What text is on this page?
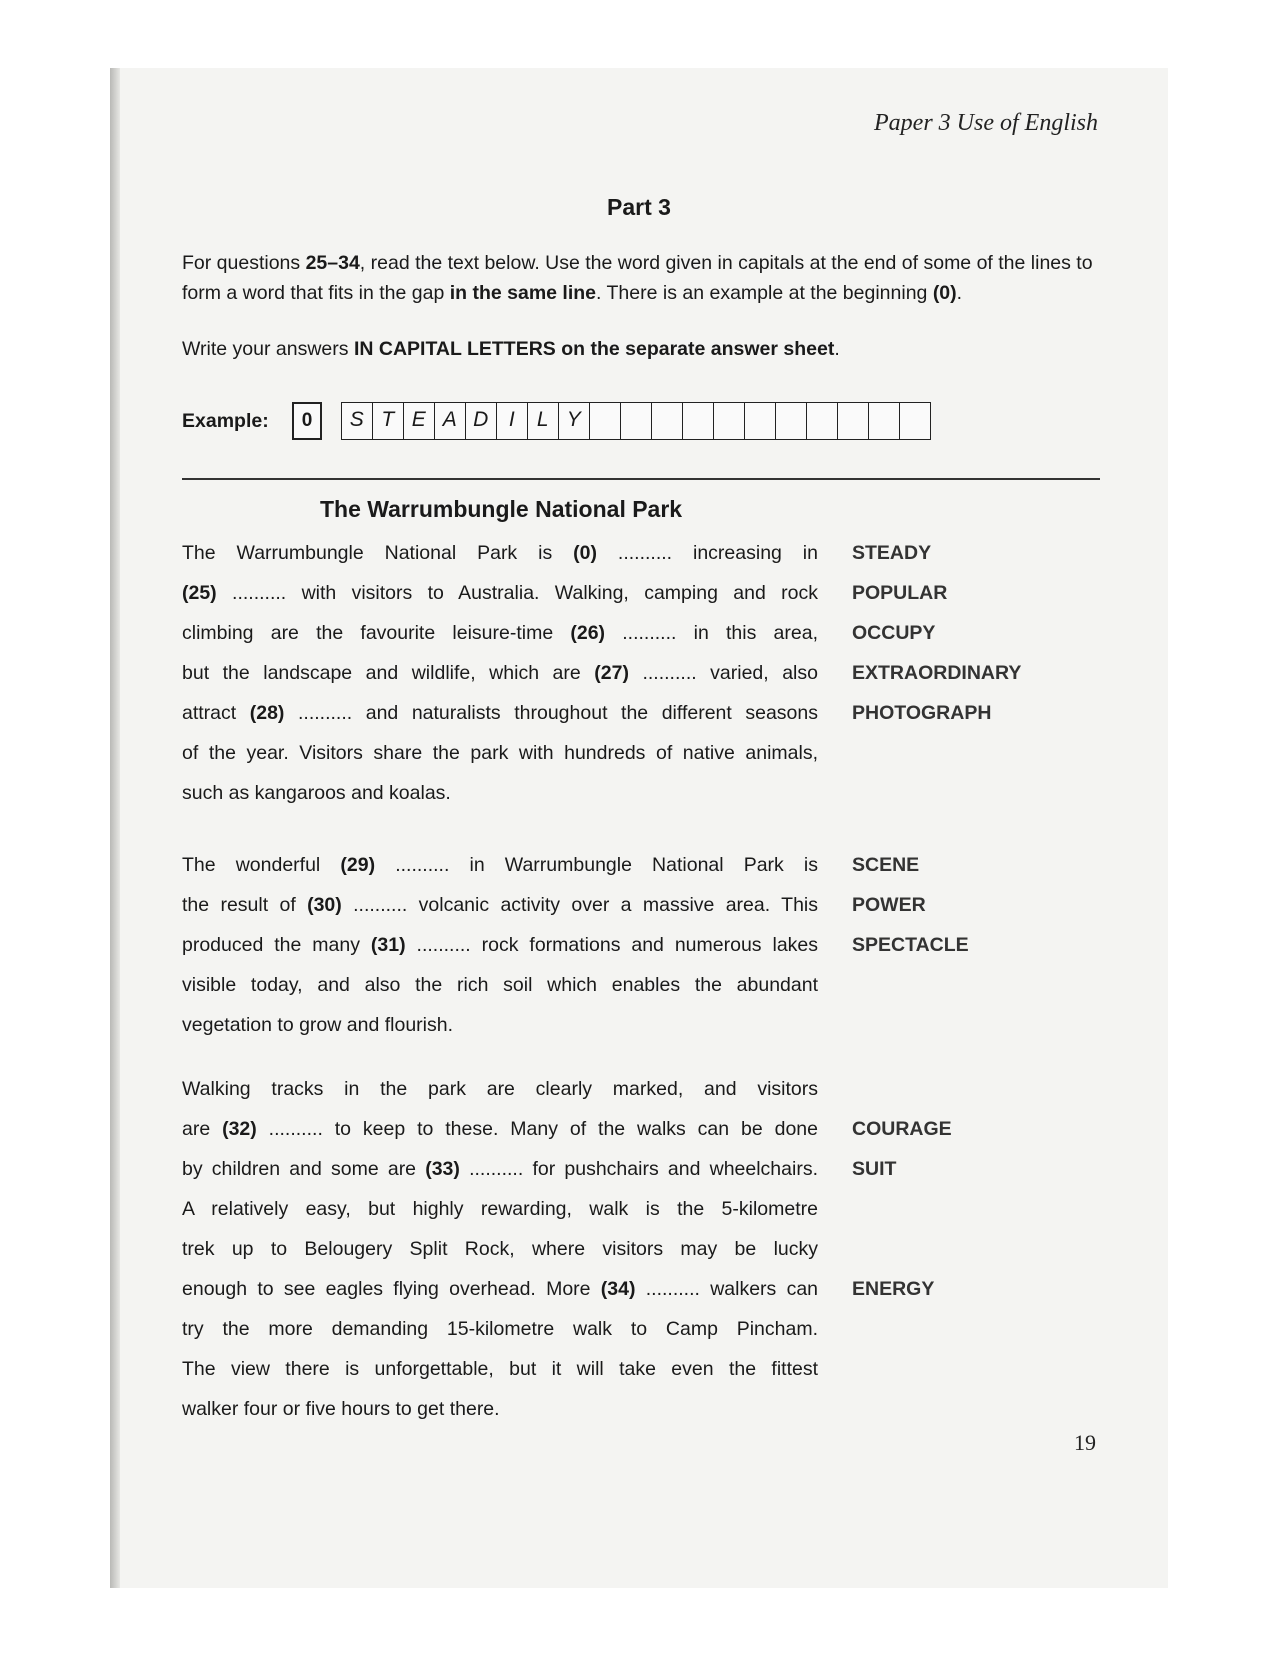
Paper 3 Use of English
Part 3

For questions 25–34, read the text below. Use the word given in capitals at the end of some of the lines to form a word that fits in the gap in the same line. There is an example at the beginning (0).

Write your answers IN CAPITAL LETTERS on the separate answer sheet.

Example:	0	S T E A D I	L Y
The Warrumbungle National Park
The Warrumbungle National Park is (0) .......... increasing in STEADY
(25) .......... with visitors to Australia. Walking, camping and rock POPULAR
climbing are the favourite leisure-time (26) .......... in this area, OCCUPY
but the landscape and wildlife, which are (27) .......... varied, also EXTRAORDINARY
attract (28) .......... and naturalists throughout the different seasons PHOTOGRAPH
of the year. Visitors share the park with hundreds of native animals,
such as kangaroos and koalas.
The wonderful (29) .......... in Warrumbungle National Park is SCENE
the result of (30) .......... volcanic activity over a massive area. This POWER
produced the many (31) .......... rock formations and numerous lakes SPECTACLE
visible today, and also the rich soil which enables the abundant
vegetation to grow and flourish.
Walking tracks in the park are clearly marked, and visitors
are (32) .......... to keep to these. Many of the walks can be done COURAGE
by children and some are (33) .......... for pushchairs and wheelchairs. SUIT
A relatively easy, but highly rewarding, walk is the 5-kilometre
trek up to Belougery Split Rock, where visitors may be lucky
enough to see eagles flying overhead. More (34) .......... walkers can ENERGY
try the more demanding 15-kilometre walk to Camp Pincham.
The view there is unforgettable, but it will take even the fittest
walker four or five hours to get there.
19
